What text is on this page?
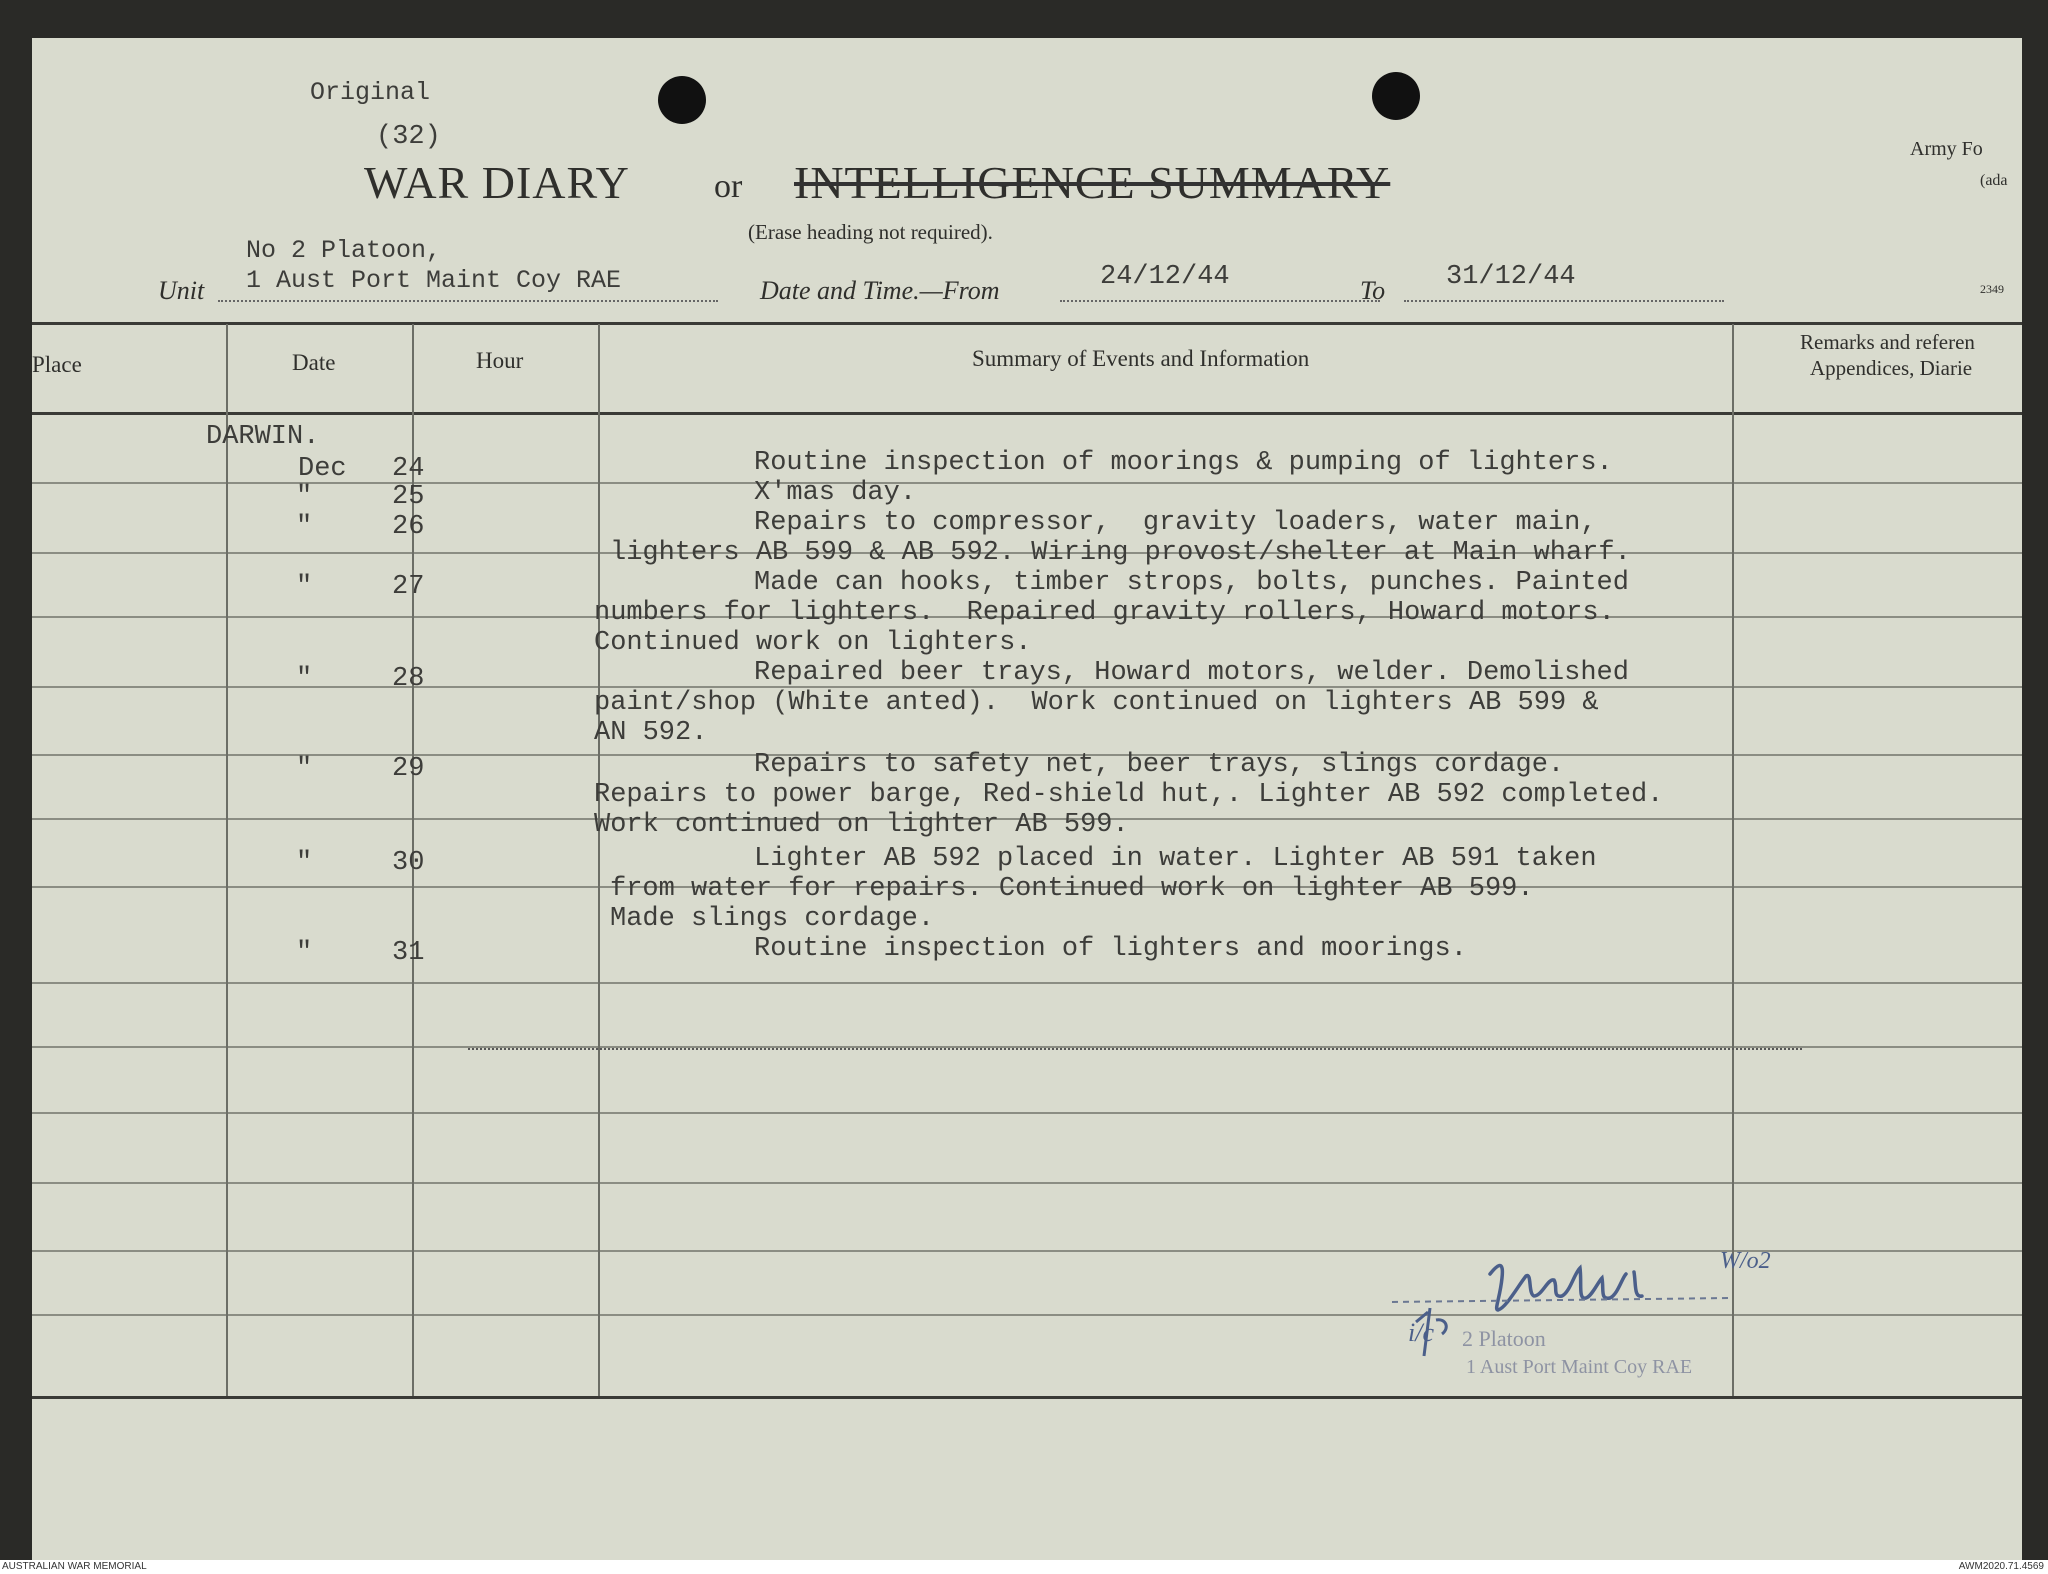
Original
(32)
WAR DIARY or INTELLIGENCE SUMMARY
(Erase heading not required).
Army Fo
(ada
2349
No 2 Platoon,
Unit 1 Aust Port Maint Coy RAE	Date and Time.—From	24/12/44	To 31/12/44
Place	Date	Hour	Summary of Events and Information
Remarks and referen
Appendices, Diarie
DARWIN.
Dec 24	Routine inspection of moorings & pumping of lighters.
"	25	X'mas day.
"	26	Repairs to compressor,  gravity loaders, water main,
lighters AB 599 & AB 592. Wiring provost/shelter at Main wharf.
"	27	Made can hooks, timber strops, bolts, punches. Painted
numbers for lighters.  Repaired gravity rollers, Howard motors.
Continued work on lighters.
"	28	Repaired beer trays, Howard motors, welder. Demolished
paint/shop (White anted).  Work continued on lighters AB 599 &
AN 592.
"	29	Repairs to safety net, beer trays, slings cordage.
Repairs to power barge, Red-shield hut,. Lighter AB 592 completed.
Work continued on lighter AB 599.
"	30	Lighter AB 592 placed in water. Lighter AB 591 taken
from water for repairs. Continued work on lighter AB 599.
Made slings cordage.
"	31	Routine inspection of lighters and moorings.
W/o2
i/c 2 Platoon
1 Aust Port Maint Coy RAE
AUSTRALIAN WAR MEMORIAL	AWM2020.71.4569
